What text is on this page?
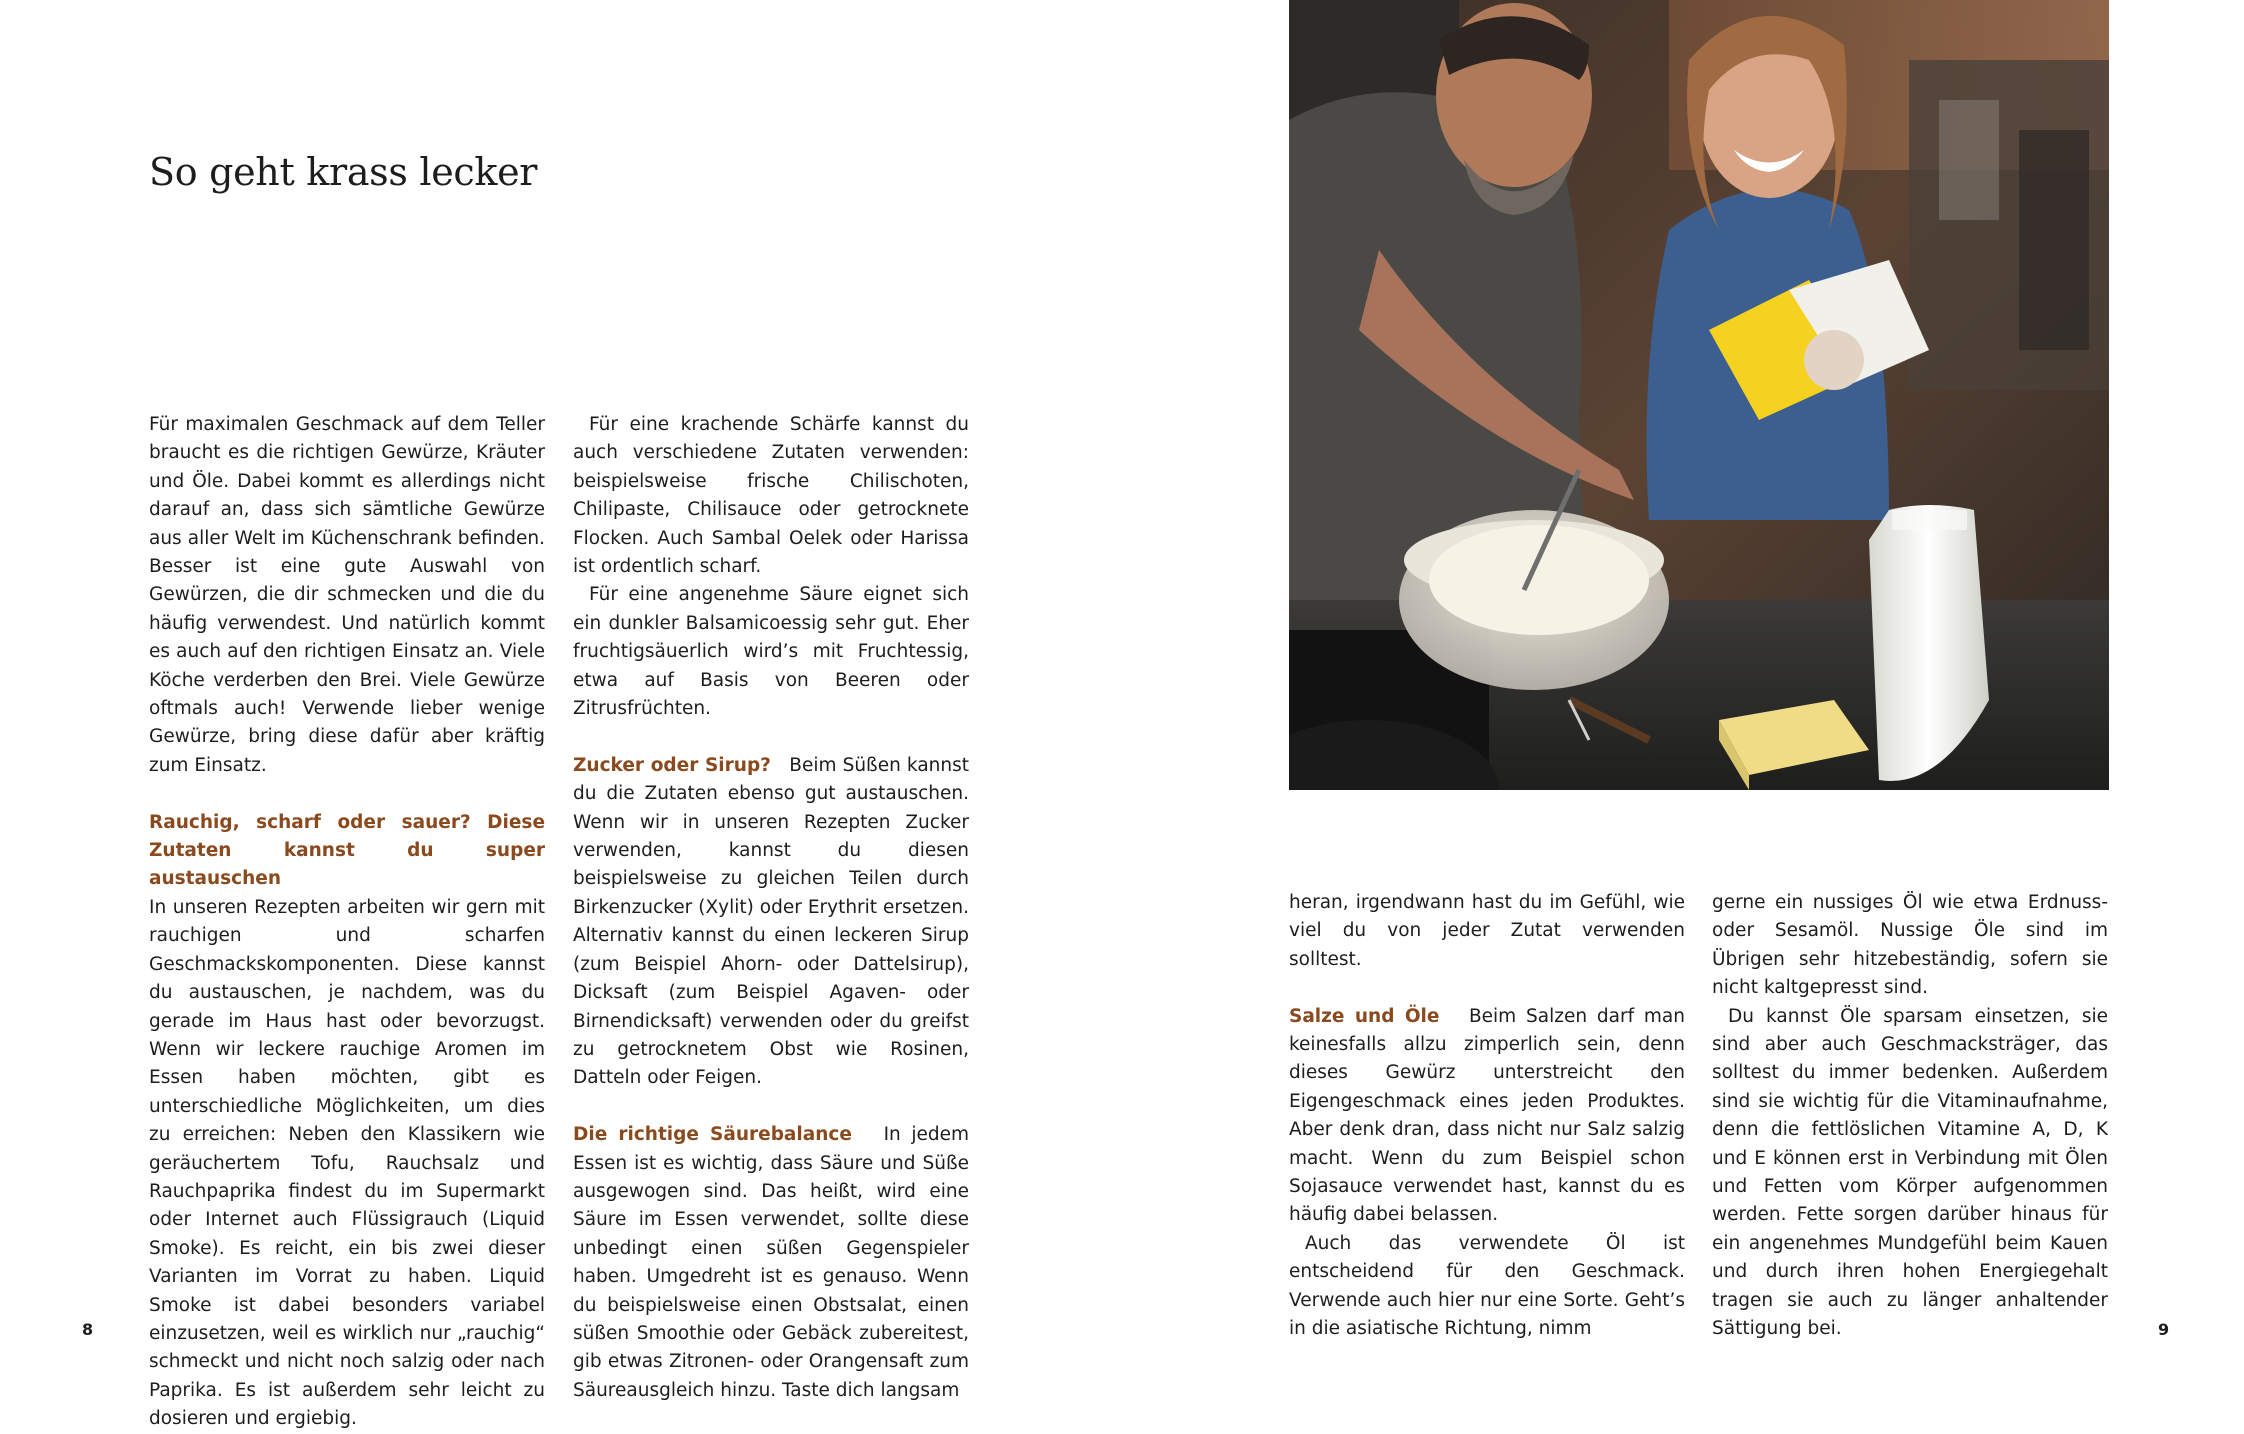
So geht krass lecker

Für maximalen Geschmack auf dem Teller braucht es die richtigen Gewürze, Kräuter und Öle. Dabei kommt es allerdings nicht darauf an, dass sich sämtliche Gewürze aus aller Welt im Küchenschrank befinden. Besser ist eine gute Auswahl von Gewürzen, die dir schmecken und die du häufig verwendest. Und natürlich kommt es auch auf den richtigen Einsatz an. Viele Köche verderben den Brei. Viele Gewürze oftmals auch! Verwende lieber wenige Gewürze, bring diese dafür aber kräftig zum Einsatz.

Rauchig, scharf oder sauer? Diese
Zutaten kannst du super austauschen

In unseren Rezepten arbeiten wir gern mit rauchigen und scharfen Geschmackskomponenten. Diese kannst du austauschen, je nachdem, was du gerade im Haus hast oder bevorzugst. Wenn wir leckere rauchige Aromen im Essen haben möchten, gibt es unterschiedliche Möglichkeiten, um dies zu erreichen: Neben den Klassikern wie geräuchertem Tofu, Rauchsalz und Rauchpaprika findest du im Supermarkt oder Internet auch Flüssigrauch (Liquid Smoke). Es reicht, ein bis zwei dieser Varianten im Vorrat zu haben. Liquid Smoke ist dabei besonders variabel einzusetzen, weil es wirklich nur „rauchig“ schmeckt und nicht noch salzig oder nach Paprika. Es ist außerdem sehr leicht zu dosieren und ergiebig.

Für eine krachende Schärfe kannst du auch verschiedene Zutaten verwenden: beispielsweise frische Chilischoten, Chilipaste, Chilisauce oder getrocknete Flocken. Auch Sambal Oelek oder Harissa ist ordentlich scharf.

Für eine angenehme Säure eignet sich ein dunkler Balsamicoessig sehr gut. Eher fruchtigsäuerlich wird’s mit Fruchtessig, etwa auf Basis von Beeren oder Zitrusfrüchten.

Zucker oder Sirup? Beim Süßen kannst du die Zutaten ebenso gut austauschen. Wenn wir in unseren Rezepten Zucker verwenden, kannst du diesen beispielsweise zu gleichen Teilen durch Birkenzucker (Xylit) oder Erythrit ersetzen. Alternativ kannst du einen leckeren Sirup (zum Beispiel Ahorn- oder Dattelsirup), Dicksaft (zum Beispiel Agaven- oder Birnendicksaft) verwenden oder du greifst zu getrocknetem Obst wie Rosinen, Datteln oder Feigen.

Die richtige Säurebalance In jedem Essen ist es wichtig, dass Säure und Süße ausgewogen sind. Das heißt, wird eine Säure im Essen verwendet, sollte diese unbedingt einen süßen Gegenspieler haben. Umgedreht ist es genauso. Wenn du beispielsweise einen Obstsalat, einen süßen Smoothie oder Gebäck zubereitest, gib etwas Zitronen- oder Orangensaft zum Säureausgleich hinzu. Taste dich langsam

heran, irgendwann hast du im Gefühl, wie viel du von jeder Zutat verwenden solltest.

Salze und Öle Beim Salzen darf man keinesfalls allzu zimperlich sein, denn dieses Gewürz unterstreicht den Eigengeschmack eines jeden Produktes. Aber denk dran, dass nicht nur Salz salzig macht. Wenn du zum Beispiel schon Sojasauce verwendet hast, kannst du es häufig dabei belassen.

Auch das verwendete Öl ist entscheidend für den Geschmack. Verwende auch hier nur eine Sorte. Geht’s in die asiatische Richtung, nimm

gerne ein nussiges Öl wie etwa Erdnuss- oder Sesamöl. Nussige Öle sind im Übrigen sehr hitzebeständig, sofern sie nicht kaltgepresst sind.

Du kannst Öle sparsam einsetzen, sie sind aber auch Geschmacksträger, das solltest du immer bedenken. Außerdem sind sie wichtig für die Vitaminaufnahme, denn die fettlöslichen Vitamine A, D, K und E können erst in Verbindung mit Ölen und Fetten vom Körper aufgenommen werden. Fette sorgen darüber hinaus für ein angenehmes Mundgefühl beim Kauen und durch ihren hohen Energiegehalt tragen sie auch zu länger anhaltender Sättigung bei.

8	9
